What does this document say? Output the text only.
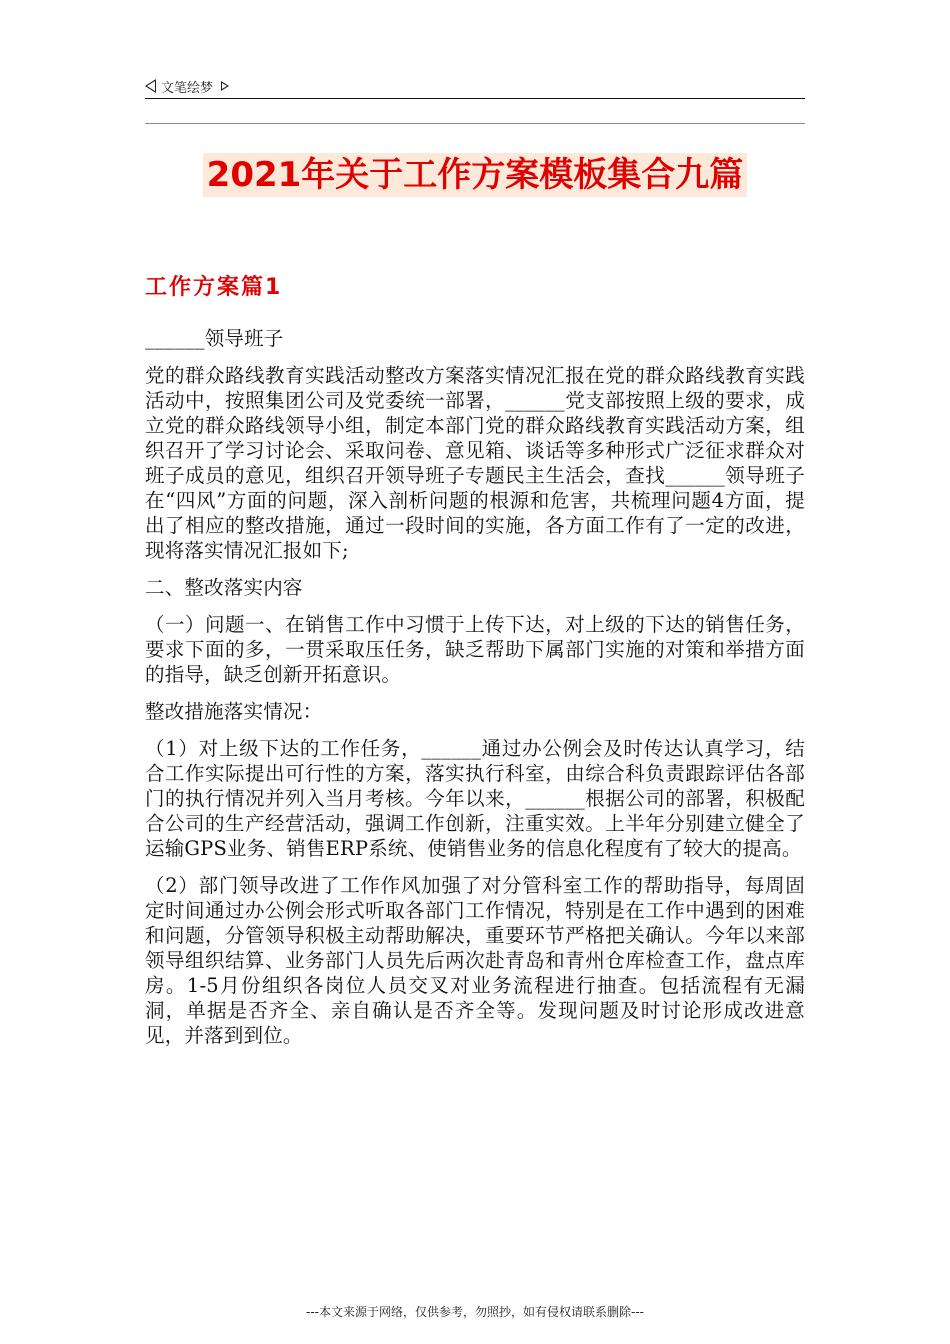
文笔绘梦
2021年关于工作方案模板集合九篇
工作方案篇1

______领导班子

党的群众路线教育实践活动整改方案落实情况汇报在党的群众路线教育实践活动中，按照集团公司及党委统一部署，______党支部按照上级的要求，成立党的群众路线领导小组，制定本部门党的群众路线教育实践活动方案，组织召开了学习讨论会、采取问卷、意见箱、谈话等多种形式广泛征求群众对班子成员的意见，组织召开领导班子专题民主生活会，查找______领导班子在“四风”方面的问题，深入剖析问题的根源和危害，共梳理问题4方面，提出了相应的整改措施，通过一段时间的实施，各方面工作有了一定的改进，现将落实情况汇报如下;

二、整改落实内容

（一）问题一、在销售工作中习惯于上传下达，对上级的下达的销售任务，要求下面的多，一贯采取压任务，缺乏帮助下属部门实施的对策和举措方面的指导，缺乏创新开拓意识。

整改措施落实情况：

（1）对上级下达的工作任务，______通过办公例会及时传达认真学习，结合工作实际提出可行性的方案，落实执行科室，由综合科负责跟踪评估各部门的执行情况并列入当月考核。今年以来，______根据公司的部署，积极配合公司的生产经营活动，强调工作创新，注重实效。上半年分别建立健全了运输GPS业务、销售ERP系统、使销售业务的信息化程度有了较大的提高。

（2）部门领导改进了工作作风加强了对分管科室工作的帮助指导，每周固定时间通过办公例会形式听取各部门工作情况，特别是在工作中遇到的困难和问题，分管领导积极主动帮助解决，重要环节严格把关确认。今年以来部领导组织结算、业务部门人员先后两次赴青岛和青州仓库检查工作，盘点库房。1-5月份组织各岗位人员交叉对业务流程进行抽查。包括流程有无漏洞，单据是否齐全、亲自确认是否齐全等。发现问题及时讨论形成改进意见，并落到到位。

---本文来源于网络，仅供参考，勿照抄，如有侵权请联系删除---
